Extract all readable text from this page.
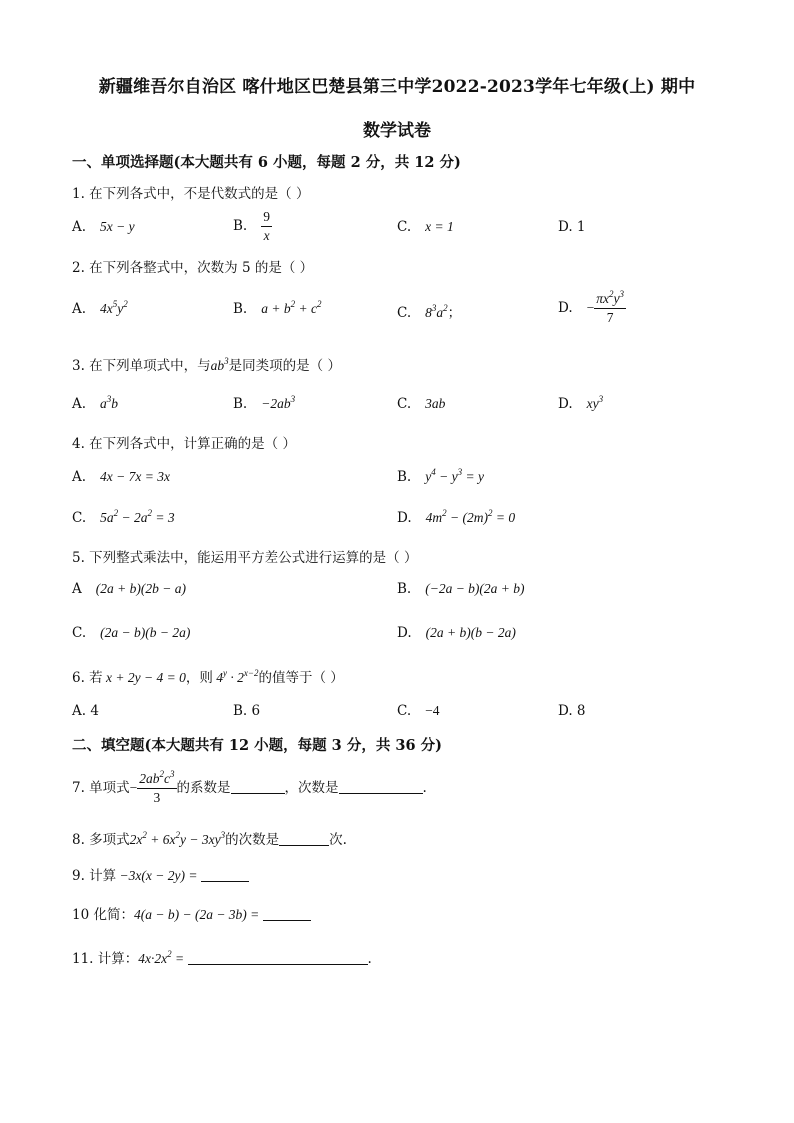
新疆维吾尔自治区 喀什地区巴楚县第三中学2022-2023学年七年级(上) 期中
数学试卷
一、单项选择题(本大题共有 6 小题，每题 2 分，共 12 分)
1. 在下列各式中，不是代数式的是（ ）
A. 5x − y	B. $\frac{9}{x}$	C. x = 1	D. 1
2. 在下列各整式中，次数为 5 的是（ ）
A. $4x^5y^2$	B. $a + b^2 + c^2$
C. $8^3a^2$；	D. − $\frac{\pi x^2y^3}{7}$
3. 在下列单项式中，与$ab^3$是同类项的是（ ）
A. $a^3b$	B. $-2ab^3$	C. 3ab	D. $xy^3$
4. 在下列各式中，计算正确的是（ ）
A. 4x − 7x = 3x	B. $y^4 - y^3 = y$
C. $5a^2 - 2a^2 = 3$	D. $4m^2 - (2m)^2 = 0$
5. 下列整式乘法中，能运用平方差公式进行运算的是（ ）
A (2a + b)(2b − a)	B. (−2a − b)(2a + b)
C. (2a − b)(b − 2a)	D. (2a + b)(b − 2a)
6. 若 x + 2y − 4 = 0，则 $4^y \cdot 2^{x-2}$的值等于（ ）
A. 4	B. 6	C. −4	D. 8
二、填空题(本大题共有 12 小题，每题 3 分，共 36 分)
7. 单项式− $\frac{2ab^2c^3}{3}$ 的系数是	，次数是	.
8. 多项式$2x^2 + 6x^2y - 3xy^3$的次数是	次.
9. 计算 −3x(x − 2y) =
10 化简：4(a − b) − (2a − 3b) =
11. 计算：$4x\cdot 2x^2$ =	.
